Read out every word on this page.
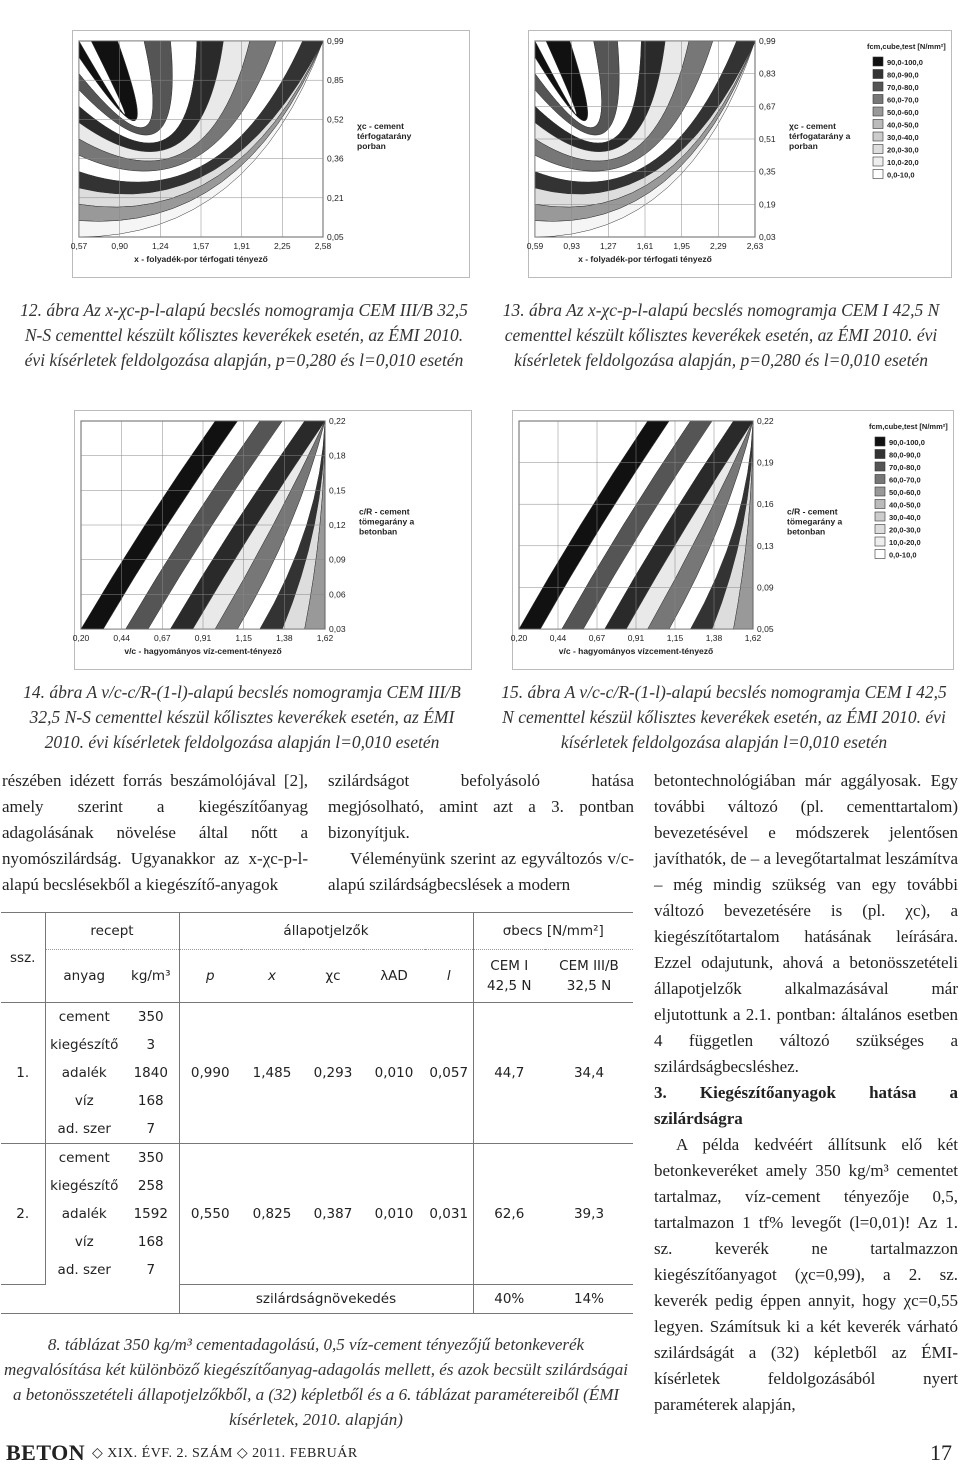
0,57	0,90	1,24	1,57	1,91	2,25	2,58
0,99
0,85
0,52
0,36
0,21
0,05
x - folyadék-por térfogati tényező
χc - cement térfogatarány porban
12. ábra Az x-χc-p-l-alapú becslés nomogramja CEM III/B 32,5 N-S cementtel készült kőlisztes keverékek esetén, az ÉMI 2010. évi kísérletek feldolgozása alapján, p=0,280 és l=0,010 esetén
0,59 0,93 1,27 1,61 1,95 2,29 2,63
0,99
0,83
0,67
0,51
0,35
0,19
0,03
x - folyadék-por térfogati tényező
χc - cement térfogatarány a porban
fcm,cube,test [N/mm²]
90,0-100,0
80,0-90,0
70,0-80,0
60,0-70,0
50,0-60,0
40,0-50,0
30,0-40,0
20,0-30,0
10,0-20,0
0,0-10,0
13. ábra Az x-χc-p-l-alapú becslés nomogramja CEM I 42,5 N cementtel készült kőlisztes keverékek esetén, az ÉMI 2010. évi kísérletek feldolgozása alapján, p=0,280 és l=0,010 esetén
0,20	0,44	0,67	0,91	1,15	1,38	1,62
0,22
0,18
0,15
0,12
0,09
0,06
0,03
v/c - hagyományos víz-cement-tényező
c/R - cement tömegarány a betonban
14. ábra A v/c-c/R-(1-l)-alapú becslés nomogramja CEM III/B 32,5 N-S cementtel készül kőlisztes keverékek esetén, az ÉMI 2010. évi kísérletek feldolgozása alapján l=0,010 esetén
0,20	0,44	0,67	0,91	1,15	1,38	1,62
0,22
0,19
0,16
0,13
0,09
0,05
v/c - hagyományos vízcement-tényező
c/R - cement tömegarány a betonban
fcm,cube,test [N/mm²]
90,0-100,0
80,0-90,0
70,0-80,0
60,0-70,0
50,0-60,0
40,0-50,0
30,0-40,0
20,0-30,0
10,0-20,0
0,0-10,0
15. ábra A v/c-c/R-(1-l)-alapú becslés nomogramja CEM I 42,5 N cementtel készül kőlisztes keverékek esetén, az ÉMI 2010. évi kísérletek feldolgozása alapján l=0,010 esetén

részében idézett forrás beszámolójával [2], amely szerint a kiegészítőanyag adagolásának növelése által nőtt a nyomószilárdság. Ugyanakkor az x-χc-p-l-alapú becslésekből a kiegészítő-anyagok

szilárdságot befolyásoló hatása megjósolható, amint azt a 3. pontban bizonyítjuk.

Véleményünk szerint az egyváltozós v/c-alapú szilárdságbecslések a modern

betontechnológiában már aggályosak. Egy további változó (pl. cementtartalom) bevezetésével e módszerek jelentősen javíthatók, de – a levegőtartalmat leszámítva – még mindig szükség van egy további változó bevezetésére is (pl. χc), a kiegészítőtartalom hatásának leírására. Ezzel odajutunk, ahová a betonösszetételi állapotjelzők alkalmazásával már eljutottunk a 2.1. pontban: általános esetben 4 független változó szükséges a szilárdságbecsléshez.

3. Kiegészítőanyagok hatása a szilárdságra

A példa kedvéért állítsunk elő két betonkeveréket amely 350 kg/m³ cementet tartalmaz, víz-cement tényezője 0,5, tartalmazon 1 tf% levegőt (l=0,01)! Az 1. sz. keverék ne tartalmazzon kiegészítőanyagot (χc=0,99), a 2. sz. keverék pedig éppen annyit, hogy χc=0,55 legyen. Számítsuk ki a két keverék várható szilárdságát a (32) képletből az ÉMI-kísérletek feldolgozásából nyert paraméterek alapján,

ssz.	recept		állapotjelzők					σbecs [N/mm²]	
	anyag	kg/m³	p	x	χc	λAD	l	CEM I 42,5 N	CEM III/B 32,5 N
1.	cement	350							
	kiegészítő	3							
	adalék	1840	0,990	1,485	0,293	0,010	0,057	44,7	34,4
	víz	168							
	ad. szer	7							
2.	cement	350							
	kiegészítő	258							
	adalék	1592	0,550	0,825	0,387	0,010	0,031	62,6	39,3
	víz	168							
	ad. szer	7							
			szilárdságnövekedés					40%	14%
8. táblázat 350 kg/m³ cementadagolású, 0,5 víz-cement tényezőjű betonkeverék megvalósítása két különböző kiegészítőanyag-adagolás mellett, és azok becsült szilárdságai a betonösszetételi állapotjelzőkből, a (32) képletből és a 6. táblázat paramétereiből (ÉMI kísérletek, 2010. alapján)
BETON ◇ XIX. ÉVF. 2. SZÁM ◇ 2011. FEBRUÁR	17
